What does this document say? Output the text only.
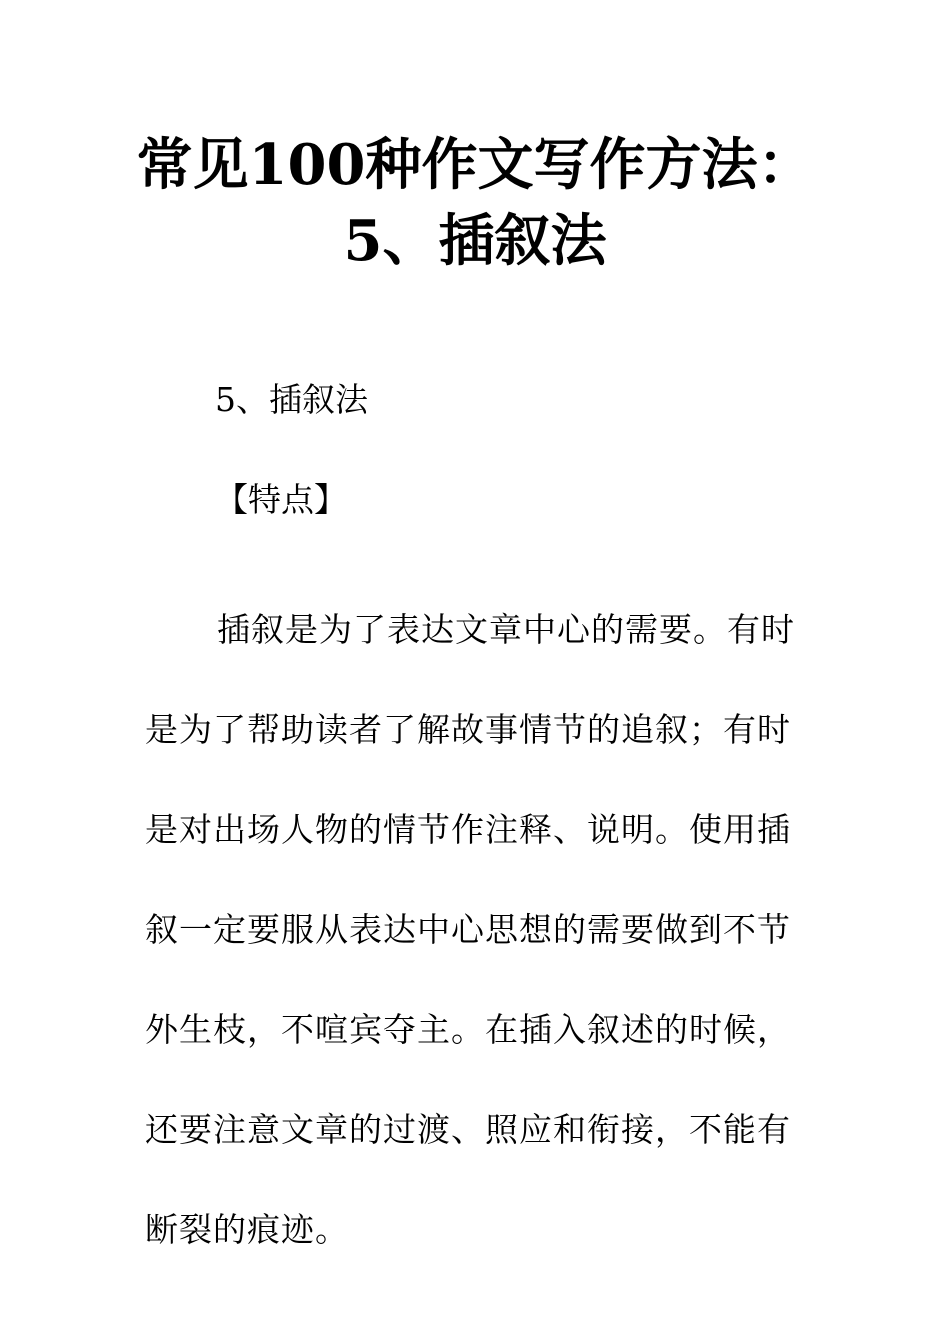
常见100种作文写作方法：
5、插叙法

5、插叙法

【特点】

插叙是为了表达文章中心的需要。有时是为了帮助读者了解故事情节的追叙；有时是对出场人物的情节作注释、说明。使用插叙一定要服从表达中心思想的需要做到不节外生枝，不喧宾夺主。在插入叙述的时候，还要注意文章的过渡、照应和衔接，不能有断裂的痕迹。
